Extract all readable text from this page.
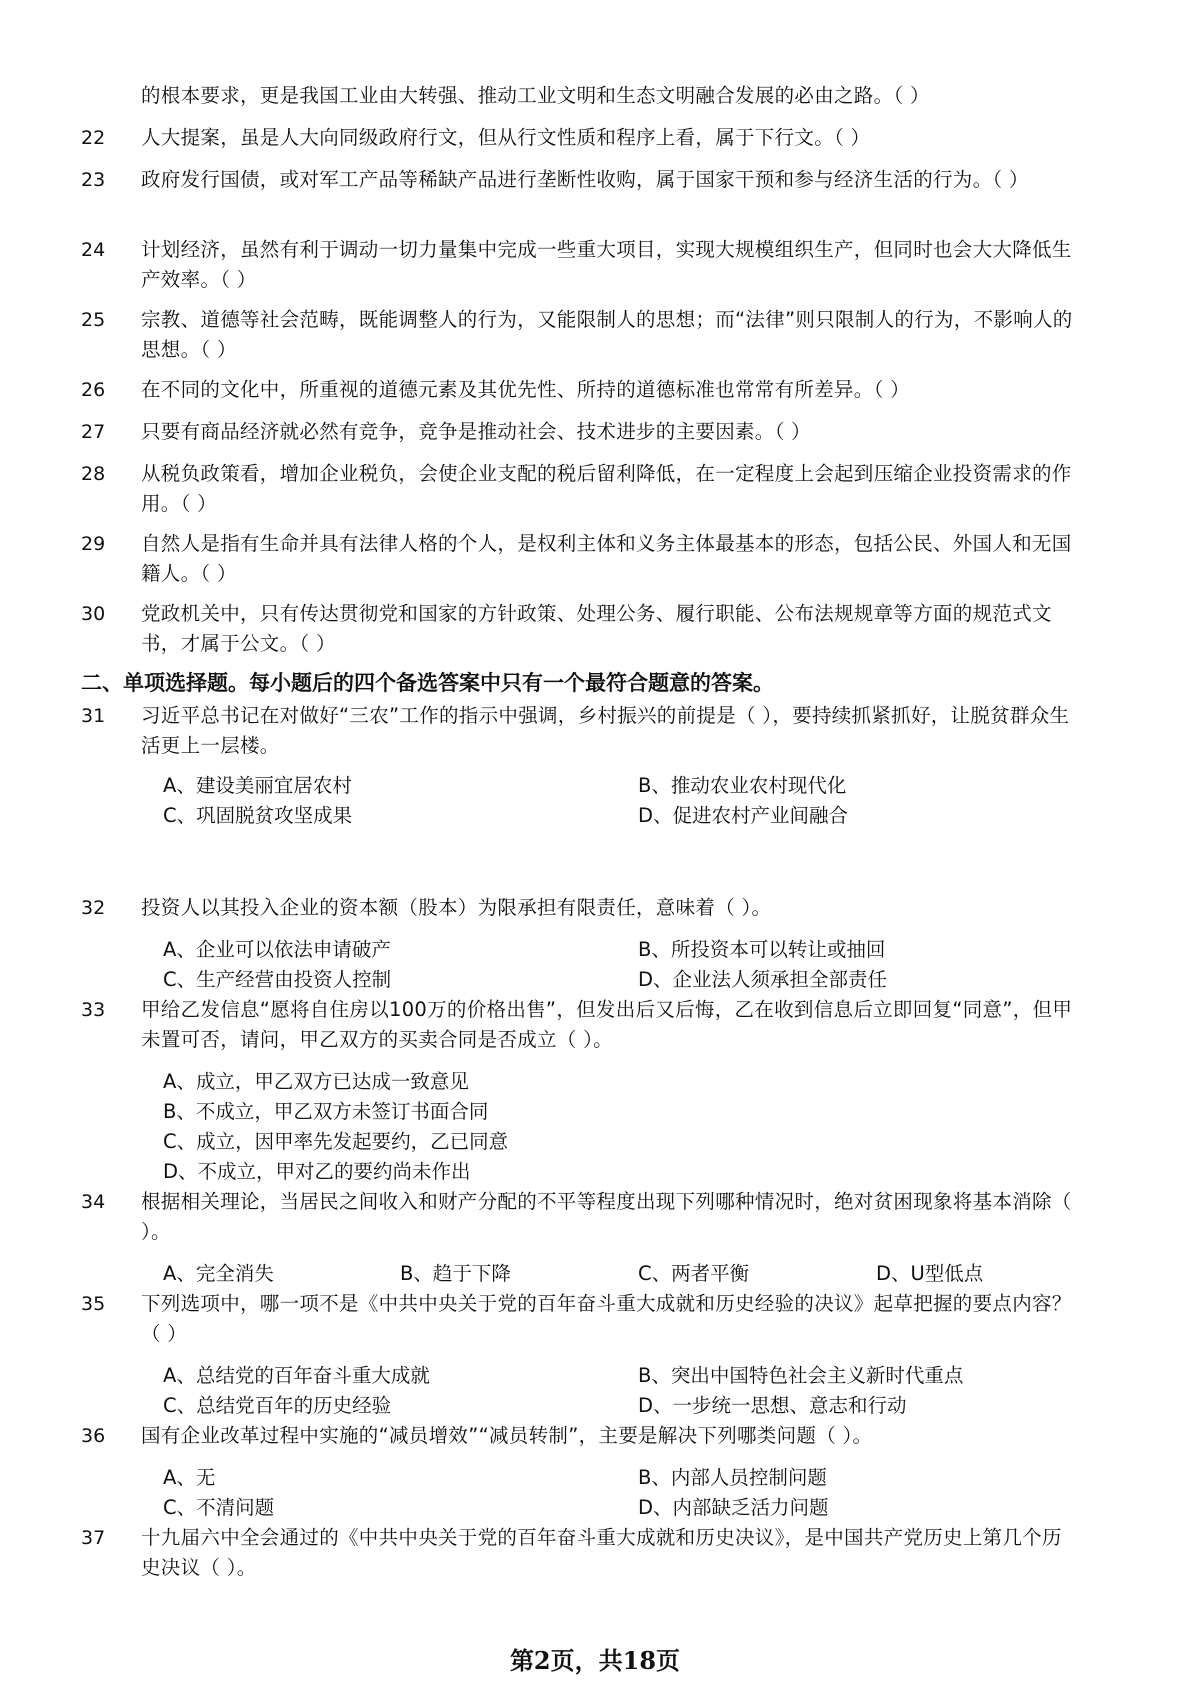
的根本要求，更是我国工业由大转强、推动工业文明和生态文明融合发展的必由之路。（ ）
22 人大提案，虽是人大向同级政府行文，但从行文性质和程序上看，属于下行文。（ ）
23 政府发行国债，或对军工产品等稀缺产品进行垄断性收购，属于国家干预和参与经济生活的行为。（ ）
24 计划经济，虽然有利于调动一切力量集中完成一些重大项目，实现大规模组织生产，但同时也会大大降低生产效率。（ ）
25 宗教、道德等社会范畴，既能调整人的行为，又能限制人的思想；而“法律”则只限制人的行为，不影响人的思想。（ ）
26 在不同的文化中，所重视的道德元素及其优先性、所持的道德标准也常常有所差异。（ ）
27 只要有商品经济就必然有竞争，竞争是推动社会、技术进步的主要因素。（ ）
28 从税负政策看，增加企业税负，会使企业支配的税后留利降低，在一定程度上会起到压缩企业投资需求的作用。（ ）
29 自然人是指有生命并具有法律人格的个人，是权利主体和义务主体最基本的形态，包括公民、外国人和无国籍人。（ ）
30 党政机关中，只有传达贯彻党和国家的方针政策、处理公务、履行职能、公布法规规章等方面的规范式文书，才属于公文。（ ）
二、单项选择题。每小题后的四个备选答案中只有一个最符合题意的答案。
31 习近平总书记在对做好“三农”工作的指示中强调，乡村振兴的前提是（ ），要持续抓紧抓好，让脱贫群众生活更上一层楼。
A、建设美丽宜居农村	B、推动农业农村现代化
C、巩固脱贫攻坚成果	D、促进农村产业间融合
32 投资人以其投入企业的资本额（股本）为限承担有限责任，意味着（ ）。
A、企业可以依法申请破产	B、所投资本可以转让或抽回
C、生产经营由投资人控制	D、企业法人须承担全部责任
33 甲给乙发信息“愿将自住房以100万的价格出售”，但发出后又后悔，乙在收到信息后立即回复“同意”，但甲未置可否，请问，甲乙双方的买卖合同是否成立（ ）。
A、成立，甲乙双方已达成一致意见
B、不成立，甲乙双方未签订书面合同
C、成立，因甲率先发起要约，乙已同意
D、不成立，甲对乙的要约尚未作出
34 根据相关理论，当居民之间收入和财产分配的不平等程度出现下列哪种情况时，绝对贫困现象将基本消除（ ）。
A、完全消失	B、趋于下降	C、两者平衡	D、U型低点
35 下列选项中，哪一项不是《中共中央关于党的百年奋斗重大成就和历史经验的决议》起草把握的要点内容？（ ）
A、总结党的百年奋斗重大成就	B、突出中国特色社会主义新时代重点
C、总结党百年的历史经验	D、一步统一思想、意志和行动
36 国有企业改革过程中实施的“减员增效”“减员转制”，主要是解决下列哪类问题（ ）。
A、无	B、内部人员控制问题
C、不清问题	D、内部缺乏活力问题
37 十九届六中全会通过的《中共中央关于党的百年奋斗重大成就和历史决议》，是中国共产党历史上第几个历史决议（ ）。
第2页，共18页
